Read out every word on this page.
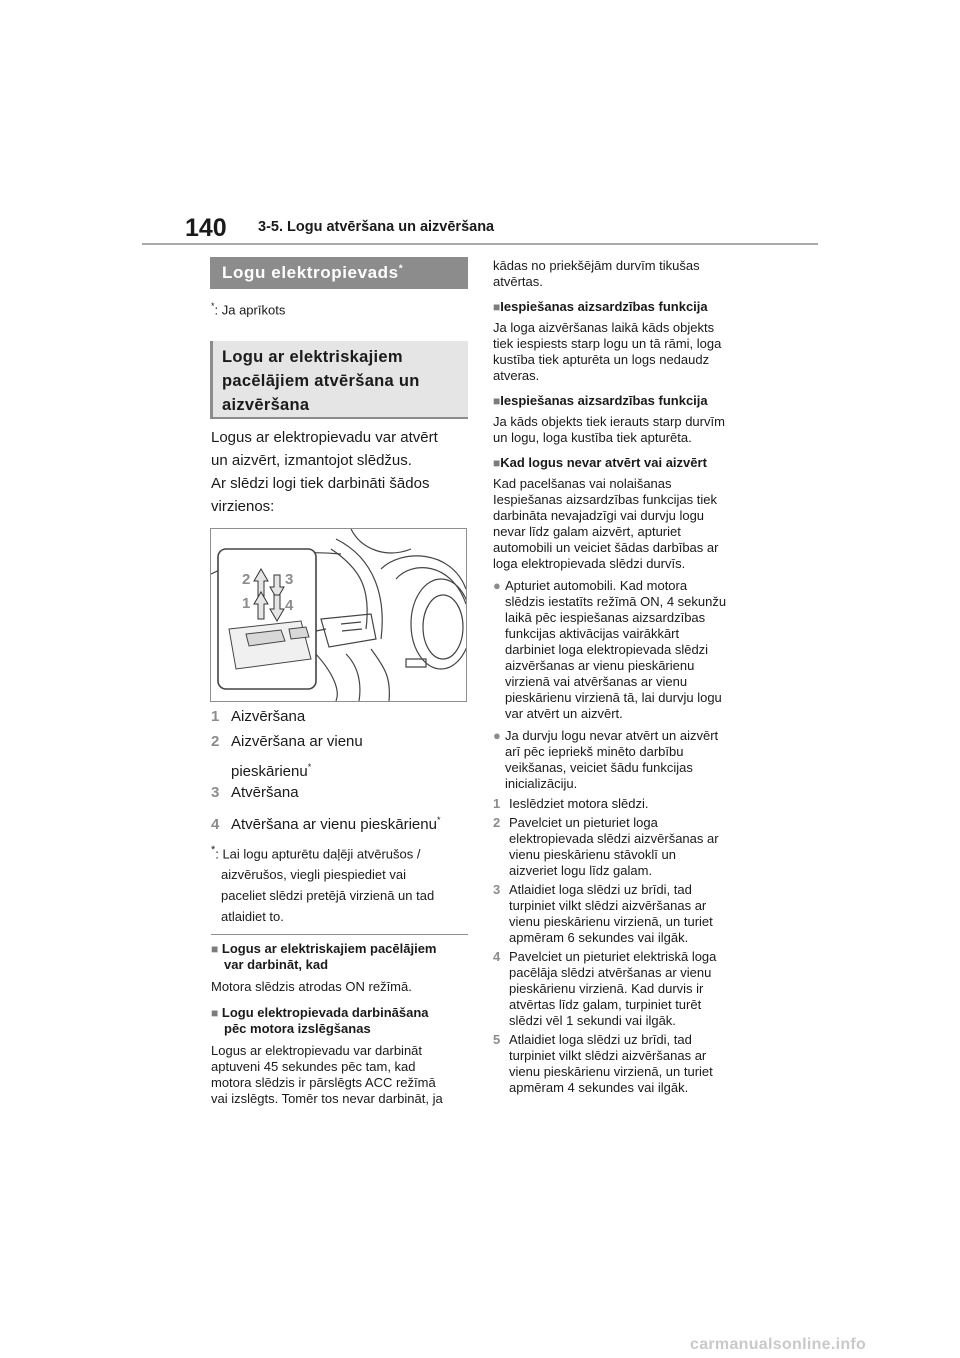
140 3-5. Logu atvēršana un aizvēršana
Logu elektropievads*
*: Ja aprīkots
Logu ar elektriskajiem
pacēlājiem atvēršana un
aizvēršana
Logus ar elektropievadu var atvērt
un aizvērt, izmantojot slēdžus.
Ar slēdzi logi tiek darbināti šādos
virzienos:
2 3
1 4
1 Aizvēršana
2 Aizvēršana ar vienu
pieskārienu*
3 Atvēršana
4 Atvēršana ar vienu pieskārienu*
*: Lai logu apturētu daļēji atvērušos /
aizvērušos, viegli piespiediet vai
paceliet slēdzi pretējā virzienā un tad
atlaidiet to.
■ Logus ar elektriskajiem pacēlājiem
var darbināt, kad
Motora slēdzis atrodas ON režīmā.
■ Logu elektropievada darbināšana
pēc motora izslēgšanas
Logus ar elektropievadu var darbināt
aptuveni 45 sekundes pēc tam, kad
motora slēdzis ir pārslēgts ACC režīmā
vai izslēgts. Tomēr tos nevar darbināt, ja
kādas no priekšējām durvīm tikušas
atvērtas.
■Iespiešanas aizsardzības funkcija
Ja loga aizvēršanas laikā kāds objekts
tiek iespiests starp logu un tā rāmi, loga
kustība tiek apturēta un logs nedaudz
atveras.
■Iespiešanas aizsardzības funkcija
Ja kāds objekts tiek ierauts starp durvīm
un logu, loga kustība tiek apturēta.
■Kad logus nevar atvērt vai aizvērt
Kad pacelšanas vai nolaišanas
Iespiešanas aizsardzības funkcijas tiek
darbināta nevajadzīgi vai durvju logu
nevar līdz galam aizvērt, apturiet
automobili un veiciet šādas darbības ar
loga elektropievada slēdzi durvīs.
● Apturiet automobili. Kad motora
slēdzis iestatīts režīmā ON, 4 sekunžu
laikā pēc iespiešanas aizsardzības
funkcijas aktivācijas vairākkārt
darbiniet loga elektropievada slēdzi
aizvēršanas ar vienu pieskārienu
virzienā vai atvēršanas ar vienu
pieskārienu virzienā tā, lai durvju logu
var atvērt un aizvērt.
● Ja durvju logu nevar atvērt un aizvērt
arī pēc iepriekš minēto darbību
veikšanas, veiciet šādu funkcijas
inicializāciju.
1 Ieslēdziet motora slēdzi.
2 Pavelciet un pieturiet loga
elektropievada slēdzi aizvēršanas ar
vienu pieskārienu stāvoklī un
aizveriet logu līdz galam.
3 Atlaidiet loga slēdzi uz brīdi, tad
turpiniet vilkt slēdzi aizvēršanas ar
vienu pieskārienu virzienā, un turiet
apmēram 6 sekundes vai ilgāk.
4 Pavelciet un pieturiet elektriskā loga
pacēlāja slēdzi atvēršanas ar vienu
pieskārienu virzienā. Kad durvis ir
atvērtas līdz galam, turpiniet turēt
slēdzi vēl 1 sekundi vai ilgāk.
5 Atlaidiet loga slēdzi uz brīdi, tad
turpiniet vilkt slēdzi aizvēršanas ar
vienu pieskārienu virzienā, un turiet
apmēram 4 sekundes vai ilgāk.
carmanualsonline.info
